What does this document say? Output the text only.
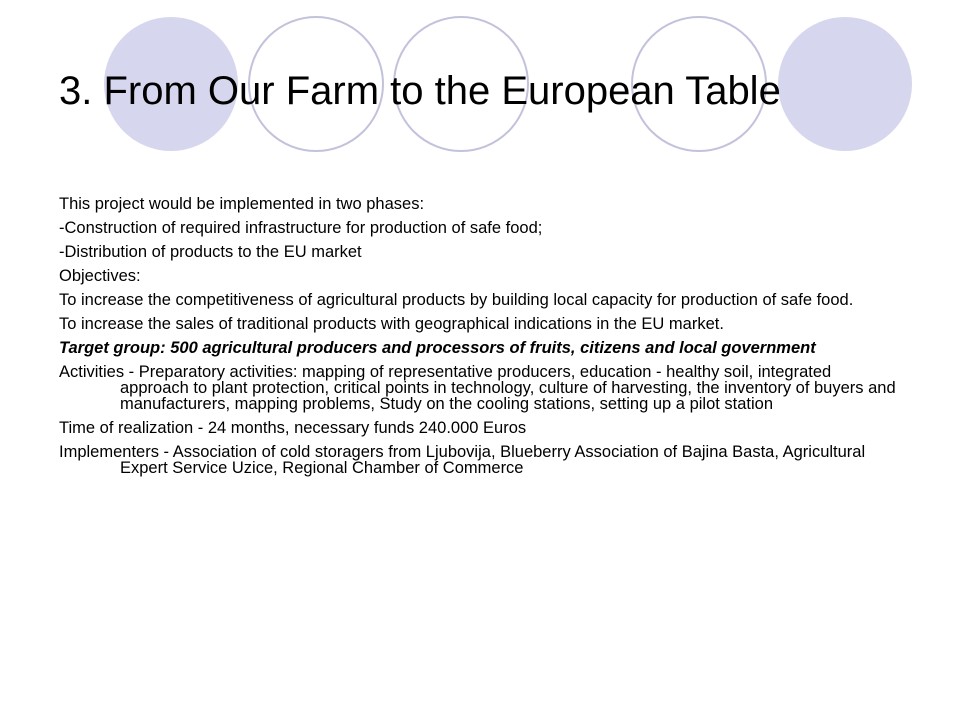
3. From Our Farm to the European Table

This project would be implemented in two phases:

-Construction of required infrastructure for production of safe food;

-Distribution of products to the EU market

Objectives:

To increase the competitiveness of agricultural products by building local capacity for production of safe food.

To increase the sales of traditional products with geographical indications in the EU market.

Target group: 500 agricultural producers and processors of fruits, citizens and local government

Activities - Preparatory activities: mapping of representative producers, education - healthy soil, integrated approach to plant protection, critical points in technology, culture of harvesting, the inventory of buyers and manufacturers, mapping problems, Study on the cooling stations, setting up a pilot station

Time of realization - 24 months, necessary funds 240.000 Euros

Implementers - Association of cold storagers from Ljubovija, Blueberry Association of Bajina Basta, Agricultural Expert Service Uzice, Regional Chamber of Commerce
